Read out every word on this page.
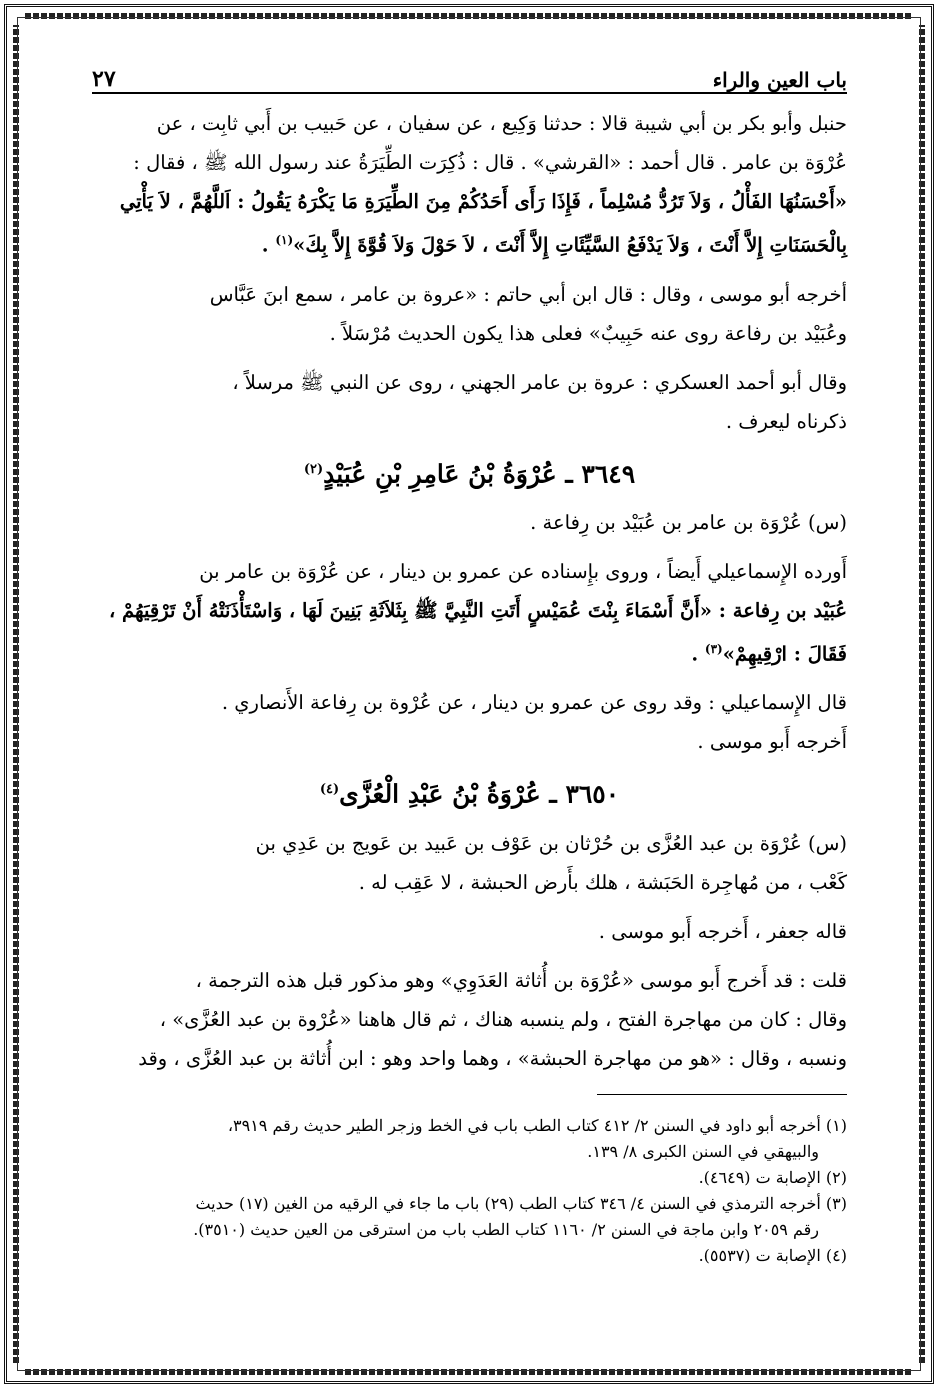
باب العين والراء
٢٧

حنبل وأبو بكر بن أبي شيبة قالا : حدثنا وَكِيع ، عن سفيان ، عن حَبيب بن أَبي ثابِت ، عن

عُرْوَة بن عامر . قال أحمد : «القرشي» . قال : ذُكِرَت الطِّيَرَةُ عند رسول الله ﷺ ، فقال :

«أَحْسَنُهَا الفَأْلُ ، وَلاَ تَرُدُّ مُسْلِماً ، فَإِذَا رَأَى أَحَدُكُمْ مِنَ الطِّيَرَةِ مَا يَكْرَهُ يَقُولُ : اَللَّهُمَّ ، لاَ يَأْتِي

بِالْحَسَنَاتِ إِلاَّ أَنْتَ ، وَلاَ يَدْفَعُ السَّيِّئَاتِ إِلاَّ أَنْتَ ، لاَ حَوْلَ وَلاَ قُوَّةَ إِلاَّ بِكَ»$^{(١)}$ .

أخرجه أبو موسى ، وقال : قال ابن أبي حاتم : «عروة بن عامر ، سمع ابنَ عَبَّاس

وعُبَيْد بن رفاعة روى عنه حَبِيبٌ» فعلى هذا يكون الحديث مُرْسَلاً .

وقال أبو أحمد العسكري : عروة بن عامر الجهني ، روى عن النبي ﷺ مرسلاً ،

ذكرناه ليعرف .

٣٦٤٩ ـ عُرْوَةُ بْنُ عَامِرِ بْنِ عُبَيْدٍ$^{(٢)}$

(س) عُرْوَة بن عامر بن عُبَيْد بن رِفاعة .

أَورده الإِسماعيلي أَيضاً ، وروى بإِسناده عن عمرو بن دينار ، عن عُرْوَة بن عامر بن

عُبَيْد بن رِفاعة : «أَنَّ أَسْمَاءَ بِنْتَ عُمَيْسٍ أَتَتِ النَّبِيَّ ﷺ بِثَلاَثَةِ بَنِينَ لَهَا ، وَاسْتَأْذَنَتْهُ أَنْ تَرْقِيَهُمْ ،

فَقَالَ : ارْقِيهِمْ»$^{(٣)}$ .

قال الإِسماعيلي : وقد روى عن عمرو بن دينار ، عن عُرْوة بن رِفاعة الأَنصاري .

أَخرجه أَبو موسى .

٣٦٥٠ ـ عُرْوَةُ بْنُ عَبْدِ الْعُزَّى$^{(٤)}$

(س) عُرْوَة بن عبد العُزَّى بن حُرْثان بن عَوْف بن عَبيد بن عَويج بن عَدِي بن

كَعْب ، من مُهاجِرة الحَبَشة ، هلك بأَرض الحبشة ، لا عَقِب له .

قاله جعفر ، أَخرجه أَبو موسى .

قلت : قد أَخرج أَبو موسى «عُرْوَة بن أُثاثة العَدَوِي» وهو مذكور قبل هذه الترجمة ،

وقال : كان من مهاجرة الفتح ، ولم ينسبه هناك ، ثم قال هاهنا «عُرْوة بن عبد العُزَّى» ،

ونسبه ، وقال : «هو من مهاجرة الحبشة» ، وهما واحد وهو : ابن أُثاثة بن عبد العُزَّى ، وقد

(١) أخرجه أبو داود في السنن ٢/ ٤١٢ كتاب الطب باب في الخط وزجر الطير حديث رقم ٣٩١٩،

والبيهقي في السنن الكبرى ٨/ ١٣٩.

(٢) الإصابة ت (٤٦٤٩).

(٣) أخرجه الترمذي في السنن ٤/ ٣٤٦ كتاب الطب (٢٩) باب ما جاء في الرقيه من الغين (١٧) حديث

رقم ٢٠٥٩ وابن ماجة في السنن ٢/ ١١٦٠ كتاب الطب باب من استرقى من العين حديث (٣٥١٠).

(٤) الإصابة ت (٥٥٣٧).
